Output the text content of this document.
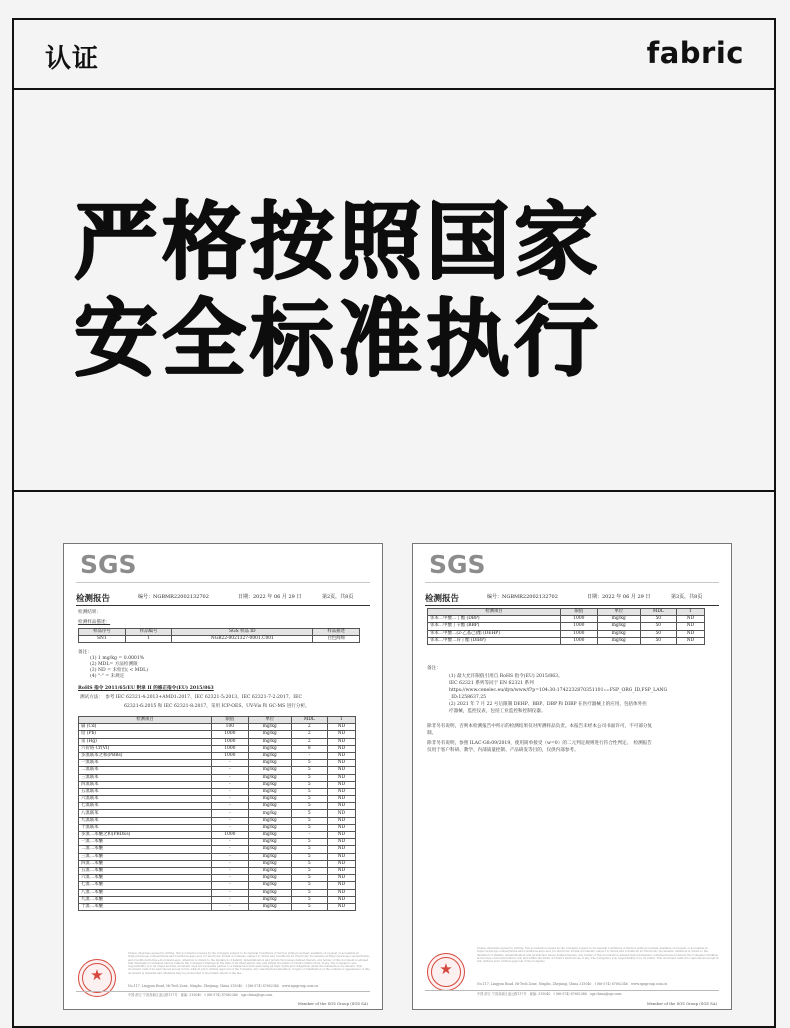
认证	fabric
严格按照国家
安全标准执行
SGS
检测报告	编号：NGBMR22002132702	日期：2022 年 06 月 29 日	第2页，共8页
检测结果：
检测样品描述：
样品序号	样品编号	SGS 样品 ID	样品描述
SN1	1	NGB22-0021327-0001.C001	白色海绵
备注：
(1) 1 mg/kg = 0.0001%
(2) MDL= 方法检测限
(3) ND = 未检出( < MDL)
(4) "-" = 未规定
RoHS 指令 2011/65/EU 附录 II 的修正指令(EU) 2015/863
测试方法：　参考 IEC 62321-4:2013+AMD1:2017、IEC 62321-5:2013、IEC 62321-7-2:2017、IEC
62321-6:2015 和 IEC 62321-8:2017，采用 ICP-OES、UV-Vis 和 GC-MS 进行分析。
检测项目	限值	单位	MDL	1
镉 (Cd)	100	mg/kg	2	ND
铅 (Pb)	1000	mg/kg	2	ND
汞 (Hg)	1000	mg/kg	2	ND
六价铬 Cr(VI)	1000	mg/kg	8	ND
多溴联苯之和(PBBs)	1000	mg/kg	-	ND
一溴联苯	-	mg/kg	5	ND
二溴联苯	-	mg/kg	5	ND
三溴联苯	-	mg/kg	5	ND
四溴联苯	-	mg/kg	5	ND
五溴联苯	-	mg/kg	5	ND
六溴联苯	-	mg/kg	5	ND
七溴联苯	-	mg/kg	5	ND
八溴联苯	-	mg/kg	5	ND
九溴联苯	-	mg/kg	5	ND
十溴联苯	-	mg/kg	5	ND
多溴二苯醚之和(PBDEs)	1000	mg/kg	-	ND
一溴二苯醚	-	mg/kg	5	ND
二溴二苯醚	-	mg/kg	5	ND
三溴二苯醚	-	mg/kg	5	ND
四溴二苯醚	-	mg/kg	5	ND
五溴二苯醚	-	mg/kg	5	ND
六溴二苯醚	-	mg/kg	5	ND
七溴二苯醚	-	mg/kg	5	ND
八溴二苯醚	-	mg/kg	5	ND
九溴二苯醚	-	mg/kg	5	ND
十溴二苯醚	-	mg/kg	5	ND
★
Unless otherwise agreed in writing, this document is issued by the Company subject to its General Conditions of Service printed overleaf, available on request or accessible at https://www.sgs.com/en/Terms-and-Conditions.aspx and, for electronic format documents, subject to Terms and Conditions for Electronic Documents at https://www.sgs.com/en/Terms-and-Conditions/Terms-e-Document.aspx. Attention is drawn to the limitation of liability, indemnification and jurisdiction issues defined therein. Any holder of this document is advised that information contained hereon reflects the Company's findings at the time of its intervention only and within the limits of Client's instructions, if any. The Company's sole responsibility is to its Client and this document does not exonerate parties to a transaction from exercising all their rights and obligations under the transaction documents. This document cannot be reproduced except in full, without prior written approval of the Company. Any unauthorized alteration, forgery or falsification of the content or appearance of this document is unlawful and offenders may be prosecuted to the fullest extent of the law.
No.117, Lingyun Road, Hi-Tech Zone, Ningbo, Zhejiang, China 315040　t (86-574) 87682346　www.sgsgroup.com.cn
中国·浙江·宁波高新区凌云路117号　邮编: 315040　t (86-574) 87682346　sgs.china@sgs.com
Member of the SGS Group (SGS SA)
SGS
检测报告	编号：NGBMR22002132702	日期：2022 年 06 月 29 日	第3页，共8页
检测项目	限值	单位	MDL	1
邻苯二甲酸二丁酯 (DBP)	1000	mg/kg	50	ND
邻苯二甲酸丁苄酯 (BBP)	1000	mg/kg	50	ND
邻苯二甲酸二(2-乙基己)酯 (DEHP)	1000	mg/kg	50	ND
邻苯二甲酸二异丁酯 (DIBP)	1000	mg/kg	50	ND
备注：
(1) 最大允许限值引用自 RoHS 指令(EU) 2015/863。
IEC 62321 系列等同于 EN 62321 系列
https://www.cenelec.eu/dyn/www/f?p=104:30:1742232870351101::::FSP_ORG_ID,FSP_LANG
_ID:1258637,25
(2) 2021 年 7 月 22 号后限制 DEHP、BBP、DBP 和 DIBP 在医疗器械上的应用，包括体外医
疗器械，监控仪表，包括工业监控和控制仪器。
除非另有说明，否则本检测报告中所示的检测结果仅对所测样品负责。本报告未经本公司书面许可，不可部分复
制。
除非另有说明，参照 ILAC-G8:09/2019，使用简单接受（w=0）的二元判定规则进行符合性判定。　检测报告
仅用于客户科研、教学、内部质量控制、产品研发等目的，仅供内部参考。
★
Unless otherwise agreed in writing, this document is issued by the Company subject to its General Conditions of Service printed overleaf, available on request or accessible at https://www.sgs.com/en/Terms-and-Conditions.aspx and, for electronic format documents, subject to Terms and Conditions for Electronic Documents. Attention is drawn to the limitation of liability, indemnification and jurisdiction issues defined therein. Any holder of this document is advised that information contained hereon reflects the Company's findings at the time of its intervention only and within the limits of Client's instructions, if any. The Company's sole responsibility is to its Client. This document cannot be reproduced except in full, without prior written approval of the Company.
No.117, Lingyun Road, Hi-Tech Zone, Ningbo, Zhejiang, China 315040　t (86-574) 87682346　www.sgsgroup.com.cn
中国·浙江·宁波高新区凌云路117号　邮编: 315040　t (86-574) 87682346　sgs.china@sgs.com
Member of the SGS Group (SGS SA)
